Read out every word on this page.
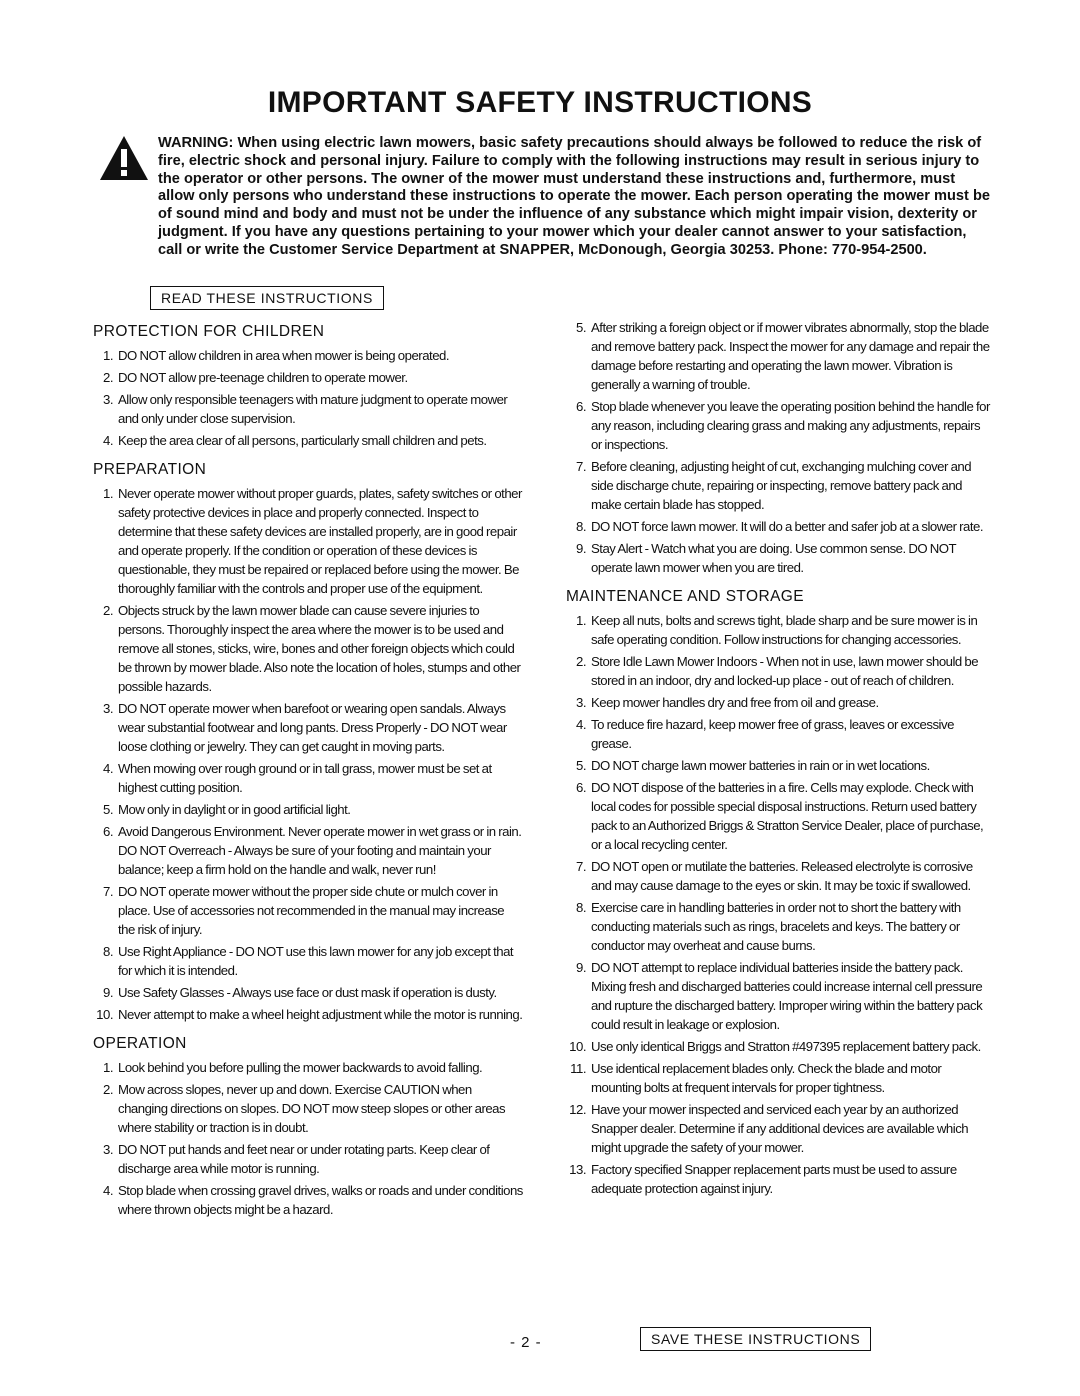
IMPORTANT SAFETY INSTRUCTIONS

WARNING: When using electric lawn mowers, basic safety precautions should always be followed to reduce the risk of fire, electric shock and personal injury. Failure to comply with the following instructions may result in serious injury to the operator or other persons. The owner of the mower must understand these instructions and, furthermore, must allow only persons who understand these instructions to operate the mower. Each person operating the mower must be of sound mind and body and must not be under the influence of any substance which might impair vision, dexterity or judgment. If you have any questions pertaining to your mower which your dealer cannot answer to your satisfaction, call or write the Customer Service Department at SNAPPER, McDonough, Georgia 30253. Phone: 770-954-2500.

READ THESE INSTRUCTIONS
PROTECTION FOR CHILDREN
1. DO NOT allow children in area when mower is being operated.
2. DO NOT allow pre-teenage children to operate mower.
3. Allow only responsible teenagers with mature judgment to operate mower and only under close supervision.
4. Keep the area clear of all persons, particularly small children and pets.
PREPARATION
1. Never operate mower without proper guards, plates, safety switches or other safety protective devices in place and properly connected. Inspect to determine that these safety devices are installed properly, are in good repair and operate properly. If the condition or operation of these devices is questionable, they must be repaired or replaced before using the mower. Be thoroughly familiar with the controls and proper use of the equipment.
2. Objects struck by the lawn mower blade can cause severe injuries to persons. Thoroughly inspect the area where the mower is to be used and remove all stones, sticks, wire, bones and other foreign objects which could be thrown by mower blade. Also note the location of holes, stumps and other possible hazards.
3. DO NOT operate mower when barefoot or wearing open sandals. Always wear substantial footwear and long pants. Dress Properly - DO NOT wear loose clothing or jewelry. They can get caught in moving parts.
4. When mowing over rough ground or in tall grass, mower must be set at highest cutting position.
5. Mow only in daylight or in good artificial light.
6. Avoid Dangerous Environment. Never operate mower in wet grass or in rain. DO NOT Overreach - Always be sure of your footing and maintain your balance; keep a firm hold on the handle and walk, never run!
7. DO NOT operate mower without the proper side chute or mulch cover in place. Use of accessories not recommended in the manual may increase the risk of injury.
8. Use Right Appliance - DO NOT use this lawn mower for any job except that for which it is intended.
9. Use Safety Glasses - Always use face or dust mask if operation is dusty.
10. Never attempt to make a wheel height adjustment while the motor is running.
OPERATION
1. Look behind you before pulling the mower backwards to avoid falling.
2. Mow across slopes, never up and down. Exercise CAUTION when changing directions on slopes. DO NOT mow steep slopes or other areas where stability or traction is in doubt.
3. DO NOT put hands and feet near or under rotating parts. Keep clear of discharge area while motor is running.
4. Stop blade when crossing gravel drives, walks or roads and under conditions where thrown objects might be a hazard.
5. After striking a foreign object or if mower vibrates abnormally, stop the blade and remove battery pack. Inspect the mower for any damage and repair the damage before restarting and operating the lawn mower. Vibration is generally a warning of trouble.
6. Stop blade whenever you leave the operating position behind the handle for any reason, including clearing grass and making any adjustments, repairs or inspections.
7. Before cleaning, adjusting height of cut, exchanging mulching cover and side discharge chute, repairing or inspecting, remove battery pack and make certain blade has stopped.
8. DO NOT force lawn mower. It will do a better and safer job at a slower rate.
9. Stay Alert - Watch what you are doing. Use common sense. DO NOT operate lawn mower when you are tired.
MAINTENANCE AND STORAGE
1. Keep all nuts, bolts and screws tight, blade sharp and be sure mower is in safe operating condition. Follow instructions for changing accessories.
2. Store Idle Lawn Mower Indoors - When not in use, lawn mower should be stored in an indoor, dry and locked-up place - out of reach of children.
3. Keep mower handles dry and free from oil and grease.
4. To reduce fire hazard, keep mower free of grass, leaves or excessive grease.
5. DO NOT charge lawn mower batteries in rain or in wet locations.
6. DO NOT dispose of the batteries in a fire. Cells may explode. Check with local codes for possible special disposal instructions. Return used battery pack to an Authorized Briggs & Stratton Service Dealer, place of purchase, or a local recycling center.
7. DO NOT open or mutilate the batteries. Released electrolyte is corrosive and may cause damage to the eyes or skin. It may be toxic if swallowed.
8. Exercise care in handling batteries in order not to short the battery with conducting materials such as rings, bracelets and keys. The battery or conductor may overheat and cause burns.
9. DO NOT attempt to replace individual batteries inside the battery pack. Mixing fresh and discharged batteries could increase internal cell pressure and rupture the discharged battery. Improper wiring within the battery pack could result in leakage or explosion.
10. Use only identical Briggs and Stratton #497395 replacement battery pack.
11. Use identical replacement blades only. Check the blade and motor mounting bolts at frequent intervals for proper tightness.
12. Have your mower inspected and serviced each year by an authorized Snapper dealer. Determine if any additional devices are available which might upgrade the safety of your mower.
13. Factory specified Snapper replacement parts must be used to assure adequate protection against injury.
- 2 -	SAVE THESE INSTRUCTIONS
